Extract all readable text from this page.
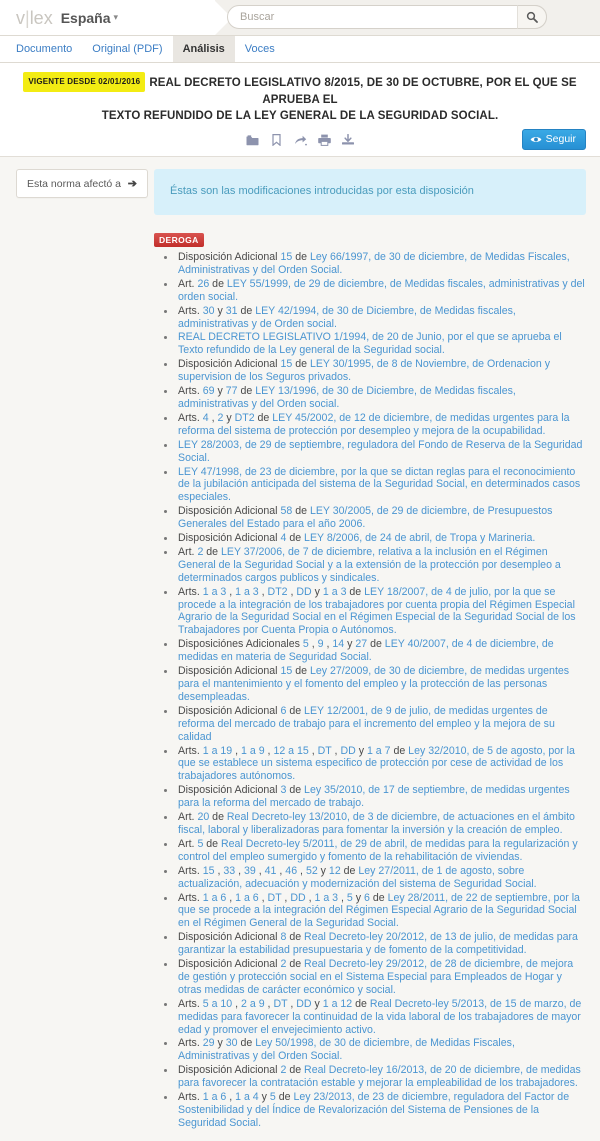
v|lex España ▾
Buscar
Documento	Original (PDF)	Análisis	Voces
VIGENTE DESDE 02/01/2016 REAL DECRETO LEGISLATIVO 8/2015, DE 30 DE OCTUBRE, POR EL QUE SE APRUEBA EL
TEXTO REFUNDIDO DE LA LEY GENERAL DE LA SEGURIDAD SOCIAL.
Seguir
Esta norma afectó a ➔
Éstas son las modificaciones introducidas por esta disposición
DEROGA
• Disposición Adicional 15 de Ley 66/1997, de 30 de diciembre, de Medidas Fiscales, Administrativas y del Orden Social.
• Art. 26 de LEY 55/1999, de 29 de diciembre, de Medidas fiscales, administrativas y del orden social.
• Arts. 30 y 31 de LEY 42/1994, de 30 de Diciembre, de Medidas fiscales, administrativas y de Orden social.
• REAL DECRETO LEGISLATIVO 1/1994, de 20 de Junio, por el que se aprueba el Texto refundido de la Ley general de la Seguridad social.
• Disposición Adicional 15 de LEY 30/1995, de 8 de Noviembre, de Ordenacion y supervision de los Seguros privados.
• Arts. 69 y 77 de LEY 13/1996, de 30 de Diciembre, de Medidas fiscales, administrativas y del Orden social.
• Arts. 4 , 2 y DT2 de LEY 45/2002, de 12 de diciembre, de medidas urgentes para la reforma del sistema de protección por desempleo y mejora de la ocupabilidad.
• LEY 28/2003, de 29 de septiembre, reguladora del Fondo de Reserva de la Seguridad Social.
• LEY 47/1998, de 23 de diciembre, por la que se dictan reglas para el reconocimiento de la jubilación anticipada del sistema de la Seguridad Social, en determinados casos especiales.
• Disposición Adicional 58 de LEY 30/2005, de 29 de diciembre, de Presupuestos Generales del Estado para el año 2006.
• Disposición Adicional 4 de LEY 8/2006, de 24 de abril, de Tropa y Marineria.
• Art. 2 de LEY 37/2006, de 7 de diciembre, relativa a la inclusión en el Régimen General de la Seguridad Social y a la extensión de la protección por desempleo a determinados cargos publicos y sindicales.
• Arts. 1 a 3 , 1 a 3 , DT2 , DD y 1 a 3 de LEY 18/2007, de 4 de julio, por la que se procede a la integración de los trabajadores por cuenta propia del Régimen Especial Agrario de la Seguridad Social en el Régimen Especial de la Seguridad Social de los Trabajadores por Cuenta Propia o Autónomos.
• Disposiciónes Adicionales 5 , 9 , 14 y 27 de LEY 40/2007, de 4 de diciembre, de medidas en materia de Seguridad Social.
• Disposición Adicional 15 de Ley 27/2009, de 30 de diciembre, de medidas urgentes para el mantenimiento y el fomento del empleo y la protección de las personas desempleadas.
• Disposición Adicional 6 de LEY 12/2001, de 9 de julio, de medidas urgentes de reforma del mercado de trabajo para el incremento del empleo y la mejora de su calidad
• Arts. 1 a 19 , 1 a 9 , 12 a 15 , DT , DD y 1 a 7 de Ley 32/2010, de 5 de agosto, por la que se establece un sistema especifico de protección por cese de actividad de los trabajadores autónomos.
• Disposición Adicional 3 de Ley 35/2010, de 17 de septiembre, de medidas urgentes para la reforma del mercado de trabajo.
• Art. 20 de Real Decreto-ley 13/2010, de 3 de diciembre, de actuaciones en el ámbito fiscal, laboral y liberalizadoras para fomentar la inversión y la creación de empleo.
• Art. 5 de Real Decreto-ley 5/2011, de 29 de abril, de medidas para la regularización y control del empleo sumergido y fomento de la rehabilitación de viviendas.
• Arts. 15 , 33 , 39 , 41 , 46 , 52 y 12 de Ley 27/2011, de 1 de agosto, sobre actualización, adecuación y modernización del sistema de Seguridad Social.
• Arts. 1 a 6 , 1 a 6 , DT , DD , 1 a 3 , 5 y 6 de Ley 28/2011, de 22 de septiembre, por la que se procede a la integración del Régimen Especial Agrario de la Seguridad Social en el Régimen General de la Seguridad Social.
• Disposición Adicional 8 de Real Decreto-ley 20/2012, de 13 de julio, de medidas para garantizar la estabilidad presupuestaria y de fomento de la competitividad.
• Disposición Adicional 2 de Real Decreto-ley 29/2012, de 28 de diciembre, de mejora de gestión y protección social en el Sistema Especial para Empleados de Hogar y otras medidas de carácter económico y social.
• Arts. 5 a 10 , 2 a 9 , DT , DD y 1 a 12 de Real Decreto-ley 5/2013, de 15 de marzo, de medidas para favorecer la continuidad de la vida laboral de los trabajadores de mayor edad y promover el envejecimiento activo.
• Arts. 29 y 30 de Ley 50/1998, de 30 de diciembre, de Medidas Fiscales, Administrativas y del Orden Social.
• Disposición Adicional 2 de Real Decreto-ley 16/2013, de 20 de diciembre, de medidas para favorecer la contratación estable y mejorar la empleabilidad de los trabajadores.
• Arts. 1 a 6 , 1 a 4 y 5 de Ley 23/2013, de 23 de diciembre, reguladora del Factor de Sostenibilidad y del Índice de Revalorización del Sistema de Pensiones de la Seguridad Social.
